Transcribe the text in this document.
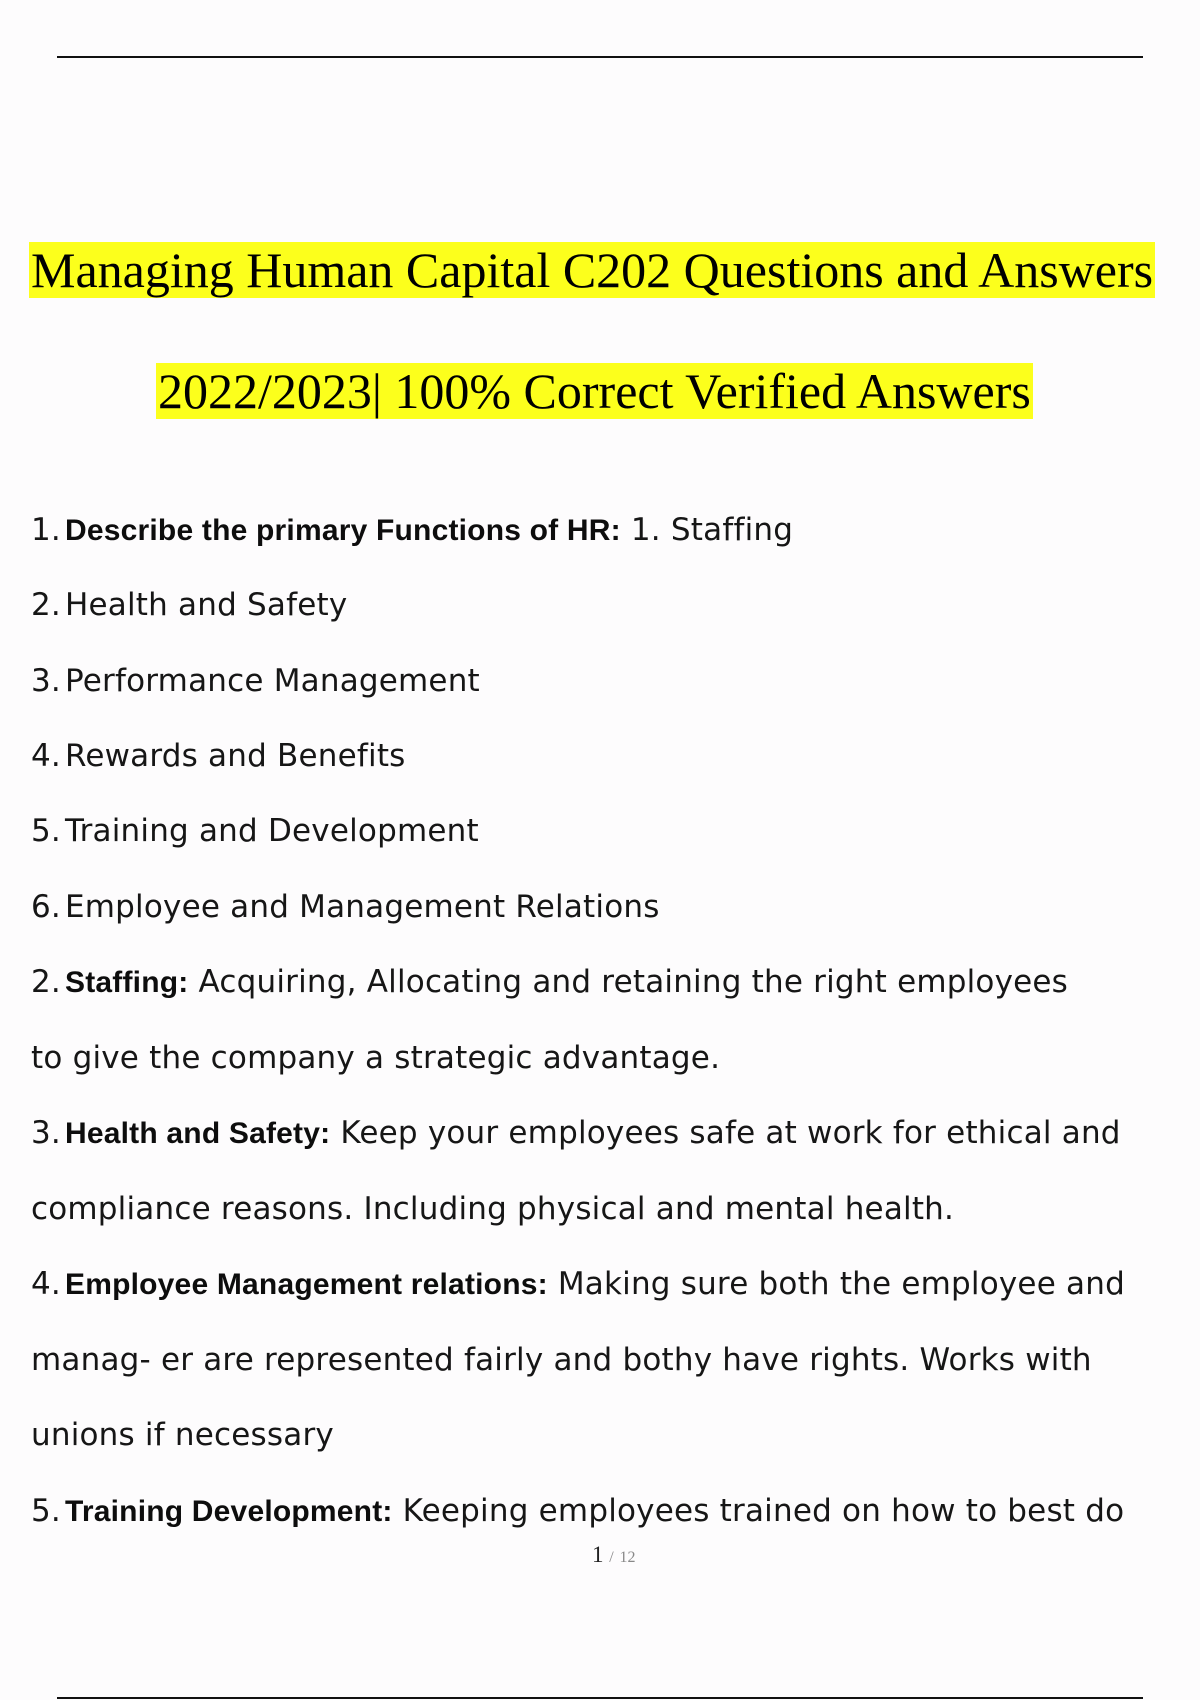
Managing Human Capital C202 Questions and Answers
2022/2023| 100% Correct Verified Answers
1. Describe the primary Functions of HR: 1. Staffing
2. Health and Safety
3. Performance Management
4. Rewards and Benefits
5. Training and Development
6. Employee and Management Relations
2. Staffing: Acquiring, Allocating and retaining the right employees
to give the company a strategic advantage.
3. Health and Safety: Keep your employees safe at work for ethical and
compliance reasons. Including physical and mental health.
4. Employee Management relations: Making sure both the employee and
manag- er are represented fairly and bothy have rights. Works with
unions if necessary
5. Training Development: Keeping employees trained on how to best do
1 / 12
